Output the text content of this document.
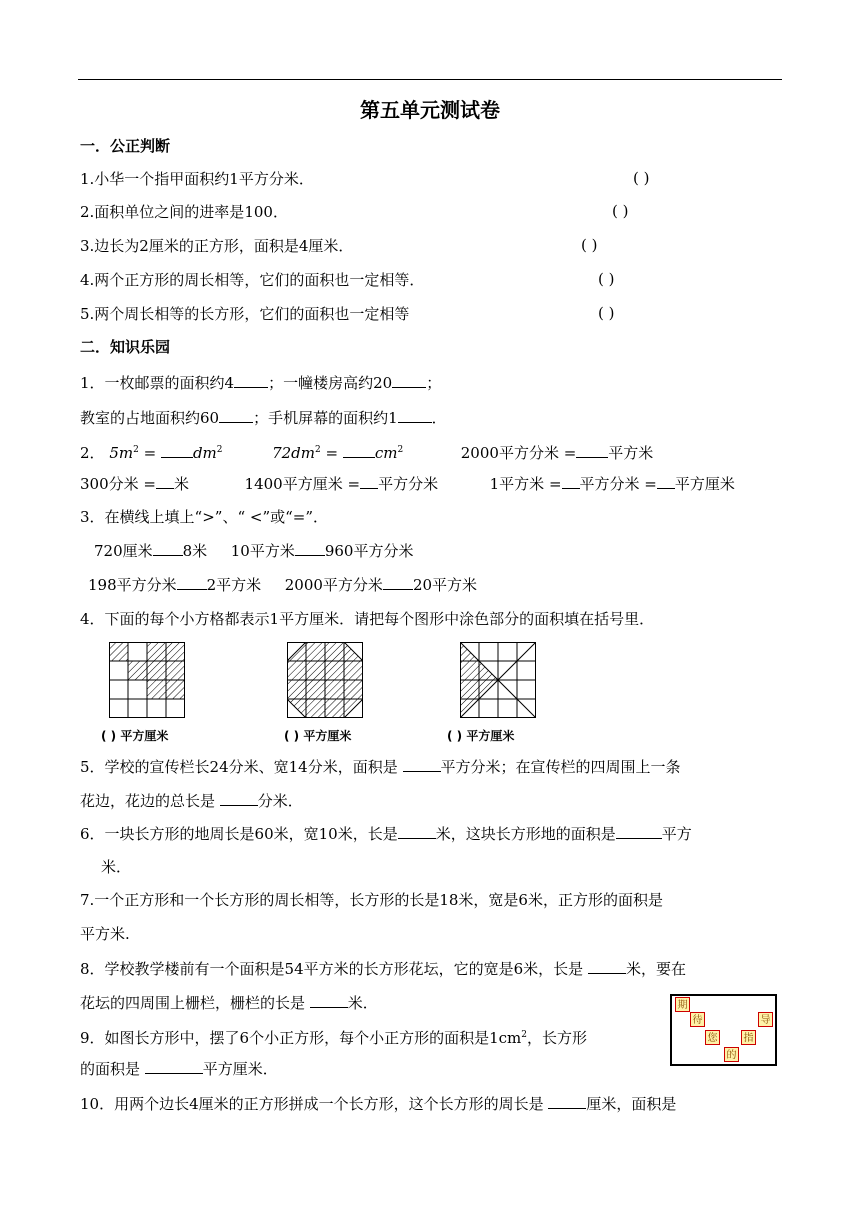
第五单元测试卷
一．公正判断
1.小华一个指甲面积约1平方分米．	( )
2.面积单位之间的进率是100．	( )
3.边长为2厘米的正方形，面积是4厘米．	( )
4.两个正方形的周长相等，它们的面积也一定相等．	( )
5.两个周长相等的长方形，它们的面积也一定相等	( )
二．知识乐园
1．一枚邮票的面积约4 ；一幢楼房高约20 ；
教室的占地面积约60 ；手机屏幕的面积约1 ．
2． $5m^2 = dm^2$	$72dm^2 = cm^2$	2000平方分米 = 平方米
300分米 = 米	1400平方厘米 = 平方分米	1平方米 = 平方分米 = 平方厘米
3．在横线上填上“>”、“ <”或“=”．
720厘米 8米 10平方米 960平方分米
198平方分米 2平方米 2000平方分米 20平方米
4．下面的每个小方格都表示1平方厘米．请把每个图形中涂色部分的面积填在括号里．
( ) 平方厘米	( ) 平方厘米	( ) 平方厘米
5．学校的宣传栏长24分米、宽14分米，面积是	平方分米；在宣传栏的四周围上一条
花边，花边的总长是	分米．
6．一块长方形的地周长是60米，宽10米，长是	米，这块长方形地的面积是	平方
米．
7.一个正方形和一个长方形的周长相等，长方形的长是18米，宽是6米，正方形的面积是
平方米.
8．学校教学楼前有一个面积是54平方米的长方形花坛，它的宽是6米，长是	米，要在
花坛的四周围上栅栏，栅栏的长是	米．
9．如图长方形中，摆了6个小正方形，每个小正方形的面积是$1cm^2$，长方形
的面积是	平方厘米．
期
待
您
的
指
导
10．用两个边长4厘米的正方形拼成一个长方形，这个长方形的周长是	厘米，面积是
